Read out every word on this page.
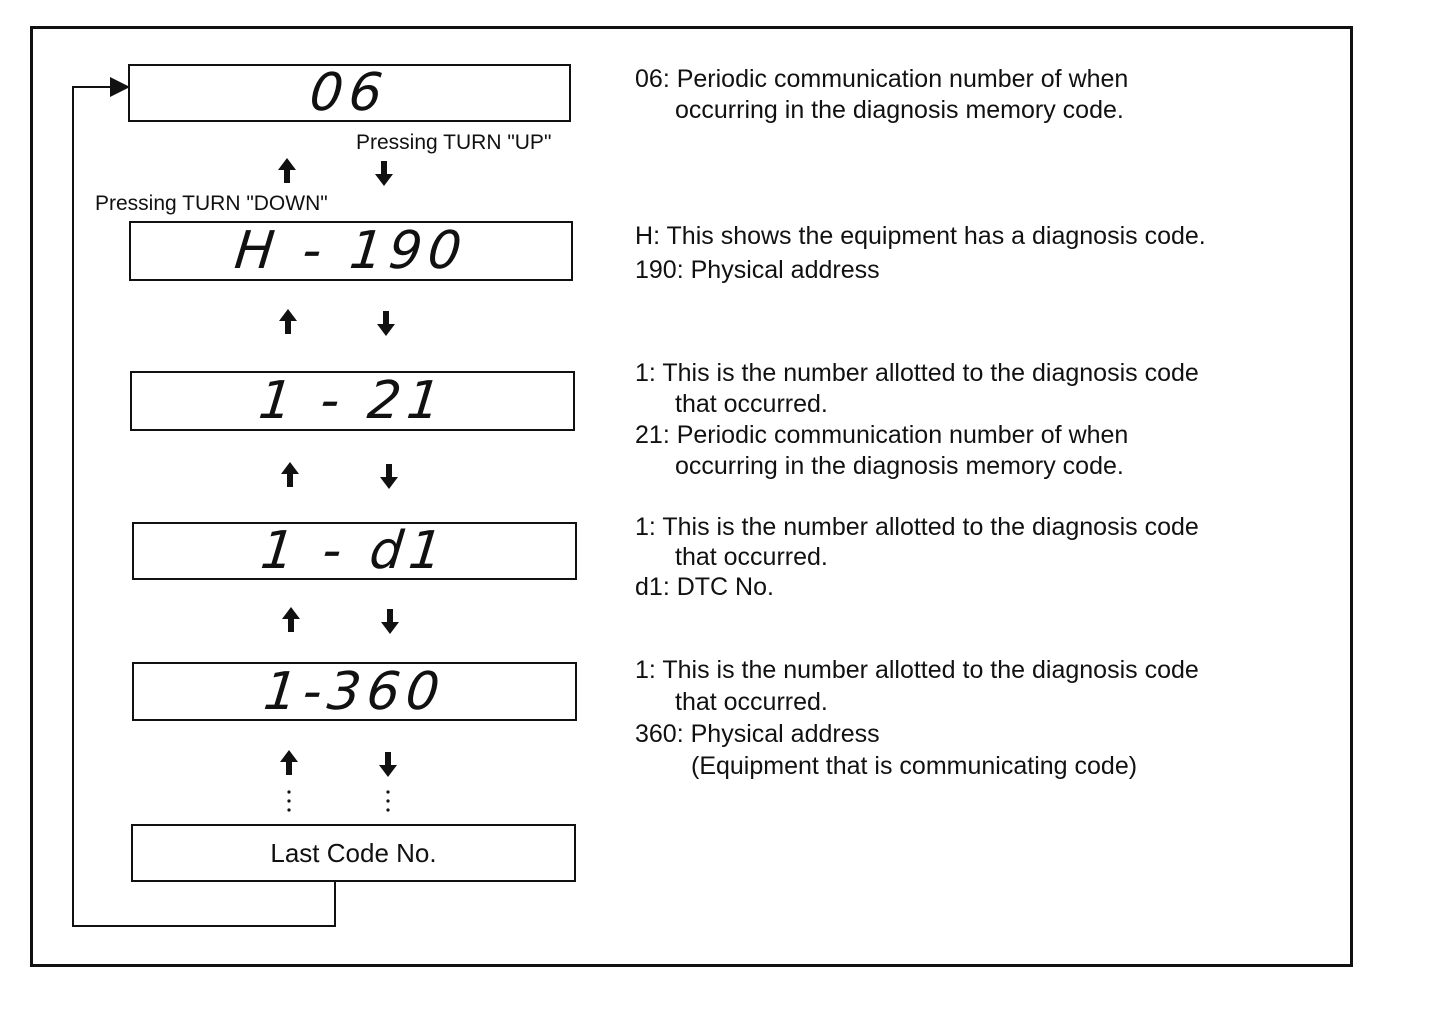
Pressing TURN "UP"
Pressing TURN "DOWN"
06
H - 190
1 - 21
1 - d1
1-360
Last Code No.
06: Periodic communication number of when
occurring in the diagnosis memory code.
H: This shows the equipment has a diagnosis code.
190: Physical address
1: This is the number allotted to the diagnosis code
that occurred.
21: Periodic communication number of when
occurring in the diagnosis memory code.
1: This is the number allotted to the diagnosis code
that occurred.
d1: DTC No.
1: This is the number allotted to the diagnosis code
that occurred.
360: Physical address
(Equipment that is communicating code)
